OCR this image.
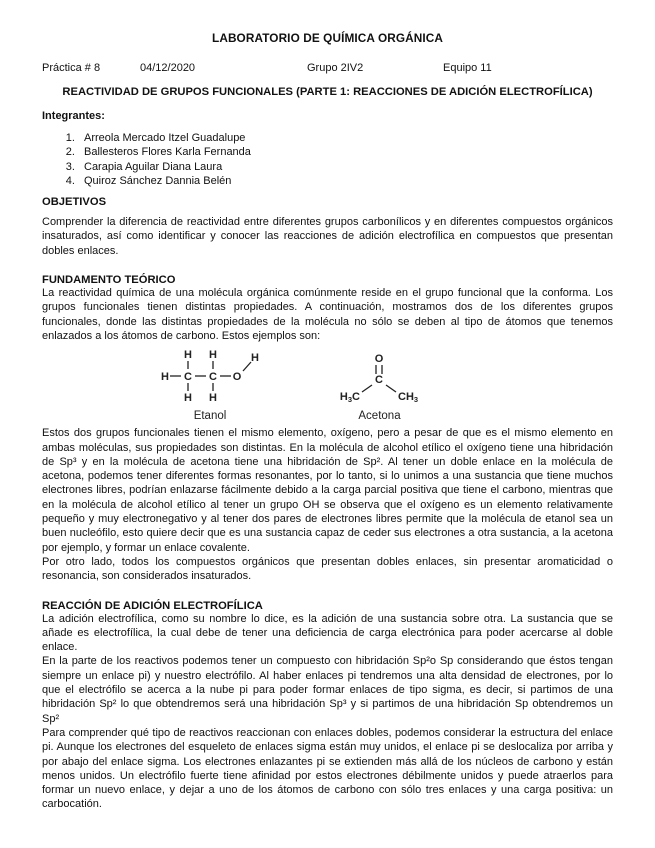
LABORATORIO DE QUÍMICA ORGÁNICA
Práctica # 8	04/12/2020	Grupo 2IV2	Equipo 11
REACTIVIDAD DE GRUPOS FUNCIONALES (PARTE 1: REACCIONES DE ADICIÓN ELECTROFÍLICA)

Integrantes:

1. Arreola Mercado Itzel Guadalupe
2. Ballesteros Flores Karla Fernanda
3. Carapia Aguilar Diana Laura
4. Quiroz Sánchez Dannia Belén
OBJETIVOS

Comprender la diferencia de reactividad entre diferentes grupos carbonílicos y en diferentes compuestos orgánicos insaturados, así como identificar y conocer las reacciones de adición electrofílica en compuestos que presentan dobles enlaces.

FUNDAMENTO TEÓRICO

La reactividad química de una molécula orgánica comúnmente reside en el grupo funcional que la conforma. Los grupos funcionales tienen distintas propiedades. A continuación, mostramos dos de los diferentes grupos funcionales, donde las distintas propiedades de la molécula no sólo se deben al tipo de átomos que tenemos enlazados a los átomos de carbono. Estos ejemplos son:

H C C O
H
H H
H H
Etanol
O
C
H3C	CH3
Acetona

Estos dos grupos funcionales tienen el mismo elemento, oxígeno, pero a pesar de que es el mismo elemento en ambas moléculas, sus propiedades son distintas. En la molécula de alcohol etílico el oxígeno tiene una hibridación de Sp³ y en la molécula de acetona tiene una hibridación de Sp². Al tener un doble enlace en la molécula de acetona, podemos tener diferentes formas resonantes, por lo tanto, si lo unimos a una sustancia que tiene muchos electrones libres, podrían enlazarse fácilmente debido a la carga parcial positiva que tiene el carbono, mientras que en la molécula de alcohol etílico al tener un grupo OH se observa que el oxígeno es un elemento relativamente pequeño y muy electronegativo y al tener dos pares de electrones libres permite que la molécula de etanol sea un buen nucleófilo, esto quiere decir que es una sustancia capaz de ceder sus electrones a otra sustancia, a la acetona por ejemplo, y formar un enlace covalente.

Por otro lado, todos los compuestos orgánicos que presentan dobles enlaces, sin presentar aromaticidad o resonancia, son considerados insaturados.

REACCIÓN DE ADICIÓN ELECTROFÍLICA

La adición electrofílica, como su nombre lo dice, es la adición de una sustancia sobre otra. La sustancia que se añade es electrofílica, la cual debe de tener una deficiencia de carga electrónica para poder acercarse al doble enlace.

En la parte de los reactivos podemos tener un compuesto con hibridación Sp²o Sp considerando que éstos tengan siempre un enlace pi) y nuestro electrófilo. Al haber enlaces pi tendremos una alta densidad de electrones, por lo que el electrófilo se acerca a la nube pi para poder formar enlaces de tipo sigma, es decir, si partimos de una hibridación Sp² lo que obtendremos será una hibridación Sp³ y si partimos de una hibridación Sp obtendremos un Sp²

Para comprender qué tipo de reactivos reaccionan con enlaces dobles, podemos considerar la estructura del enlace pi. Aunque los electrones del esqueleto de enlaces sigma están muy unidos, el enlace pi se deslocaliza por arriba y por abajo del enlace sigma. Los electrones enlazantes pi se extienden más allá de los núcleos de carbono y están menos unidos. Un electrófilo fuerte tiene afinidad por estos electrones débilmente unidos y puede atraerlos para formar un nuevo enlace, y dejar a uno de los átomos de carbono con sólo tres enlaces y una carga positiva: un carbocatión.
